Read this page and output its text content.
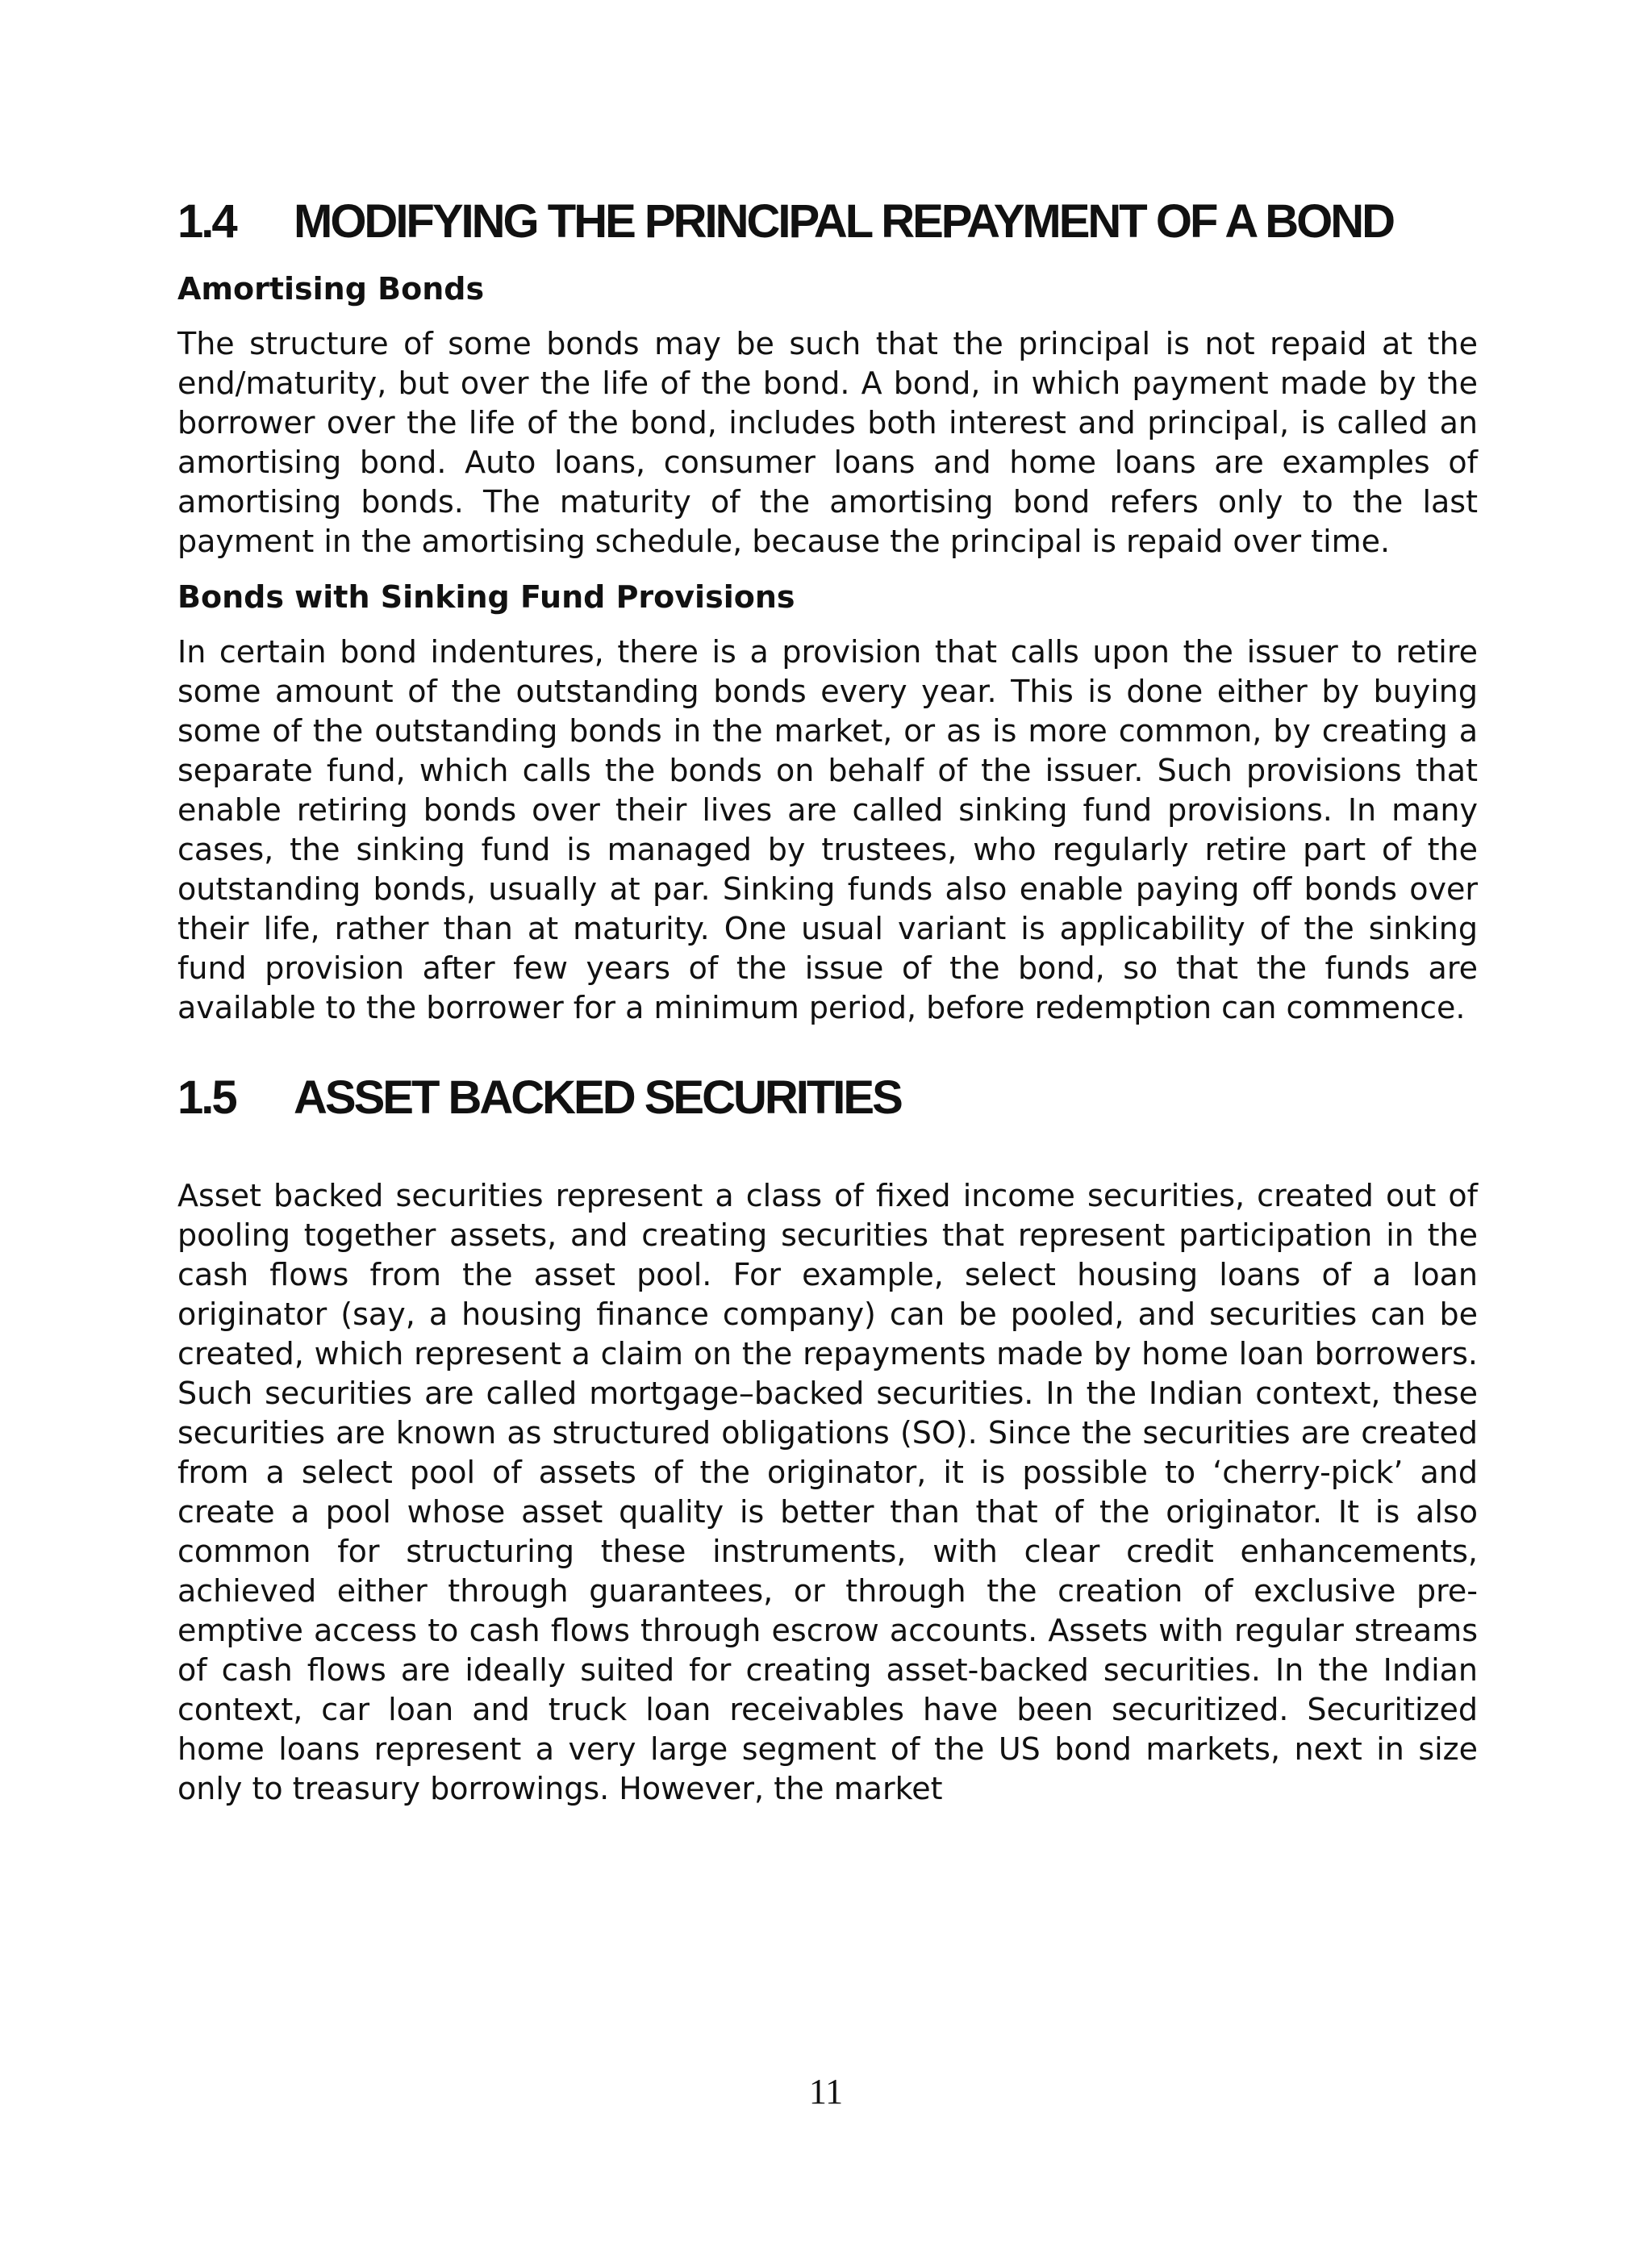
1.4 MODIFYING THE PRINCIPAL REPAYMENT OF A BOND
Amortising Bonds

The structure of some bonds may be such that the principal is not repaid at the end/maturity, but over the life of the bond. A bond, in which payment made by the borrower over the life of the bond, includes both interest and principal, is called an amortising bond. Auto loans, consumer loans and home loans are examples of amortising bonds. The maturity of the amortising bond refers only to the last payment in the amortising schedule, because the principal is repaid over time.

Bonds with Sinking Fund Provisions

In certain bond indentures, there is a provision that calls upon the issuer to retire some amount of the outstanding bonds every year. This is done either by buying some of the outstanding bonds in the market, or as is more common, by creating a separate fund, which calls the bonds on behalf of the issuer. Such provisions that enable retiring bonds over their lives are called sinking fund provisions. In many cases, the sinking fund is managed by trustees, who regularly retire part of the outstanding bonds, usually at par. Sinking funds also enable paying off bonds over their life, rather than at maturity. One usual variant is applicability of the sinking fund provision after few years of the issue of the bond, so that the funds are available to the borrower for a minimum period, before redemption can commence.

1.5 ASSET BACKED SECURITIES

Asset backed securities represent a class of fixed income securities, created out of pooling together assets, and creating securities that represent participation in the cash flows from the asset pool. For example, select housing loans of a loan originator (say, a housing finance company) can be pooled, and securities can be created, which represent a claim on the repayments made by home loan borrowers. Such securities are called mortgage–backed securities. In the Indian context, these securities are known as structured obligations (SO). Since the securities are created from a select pool of assets of the originator, it is possible to ‘cherry-pick’ and create a pool whose asset quality is better than that of the originator. It is also common for structuring these instruments, with clear credit enhancements, achieved either through guarantees, or through the creation of exclusive pre-emptive access to cash flows through escrow accounts. Assets with regular streams of cash flows are ideally suited for creating asset-backed securities. In the Indian context, car loan and truck loan receivables have been securitized. Securitized home loans represent a very large segment of the US bond markets, next in size only to treasury borrowings. However, the market

11
